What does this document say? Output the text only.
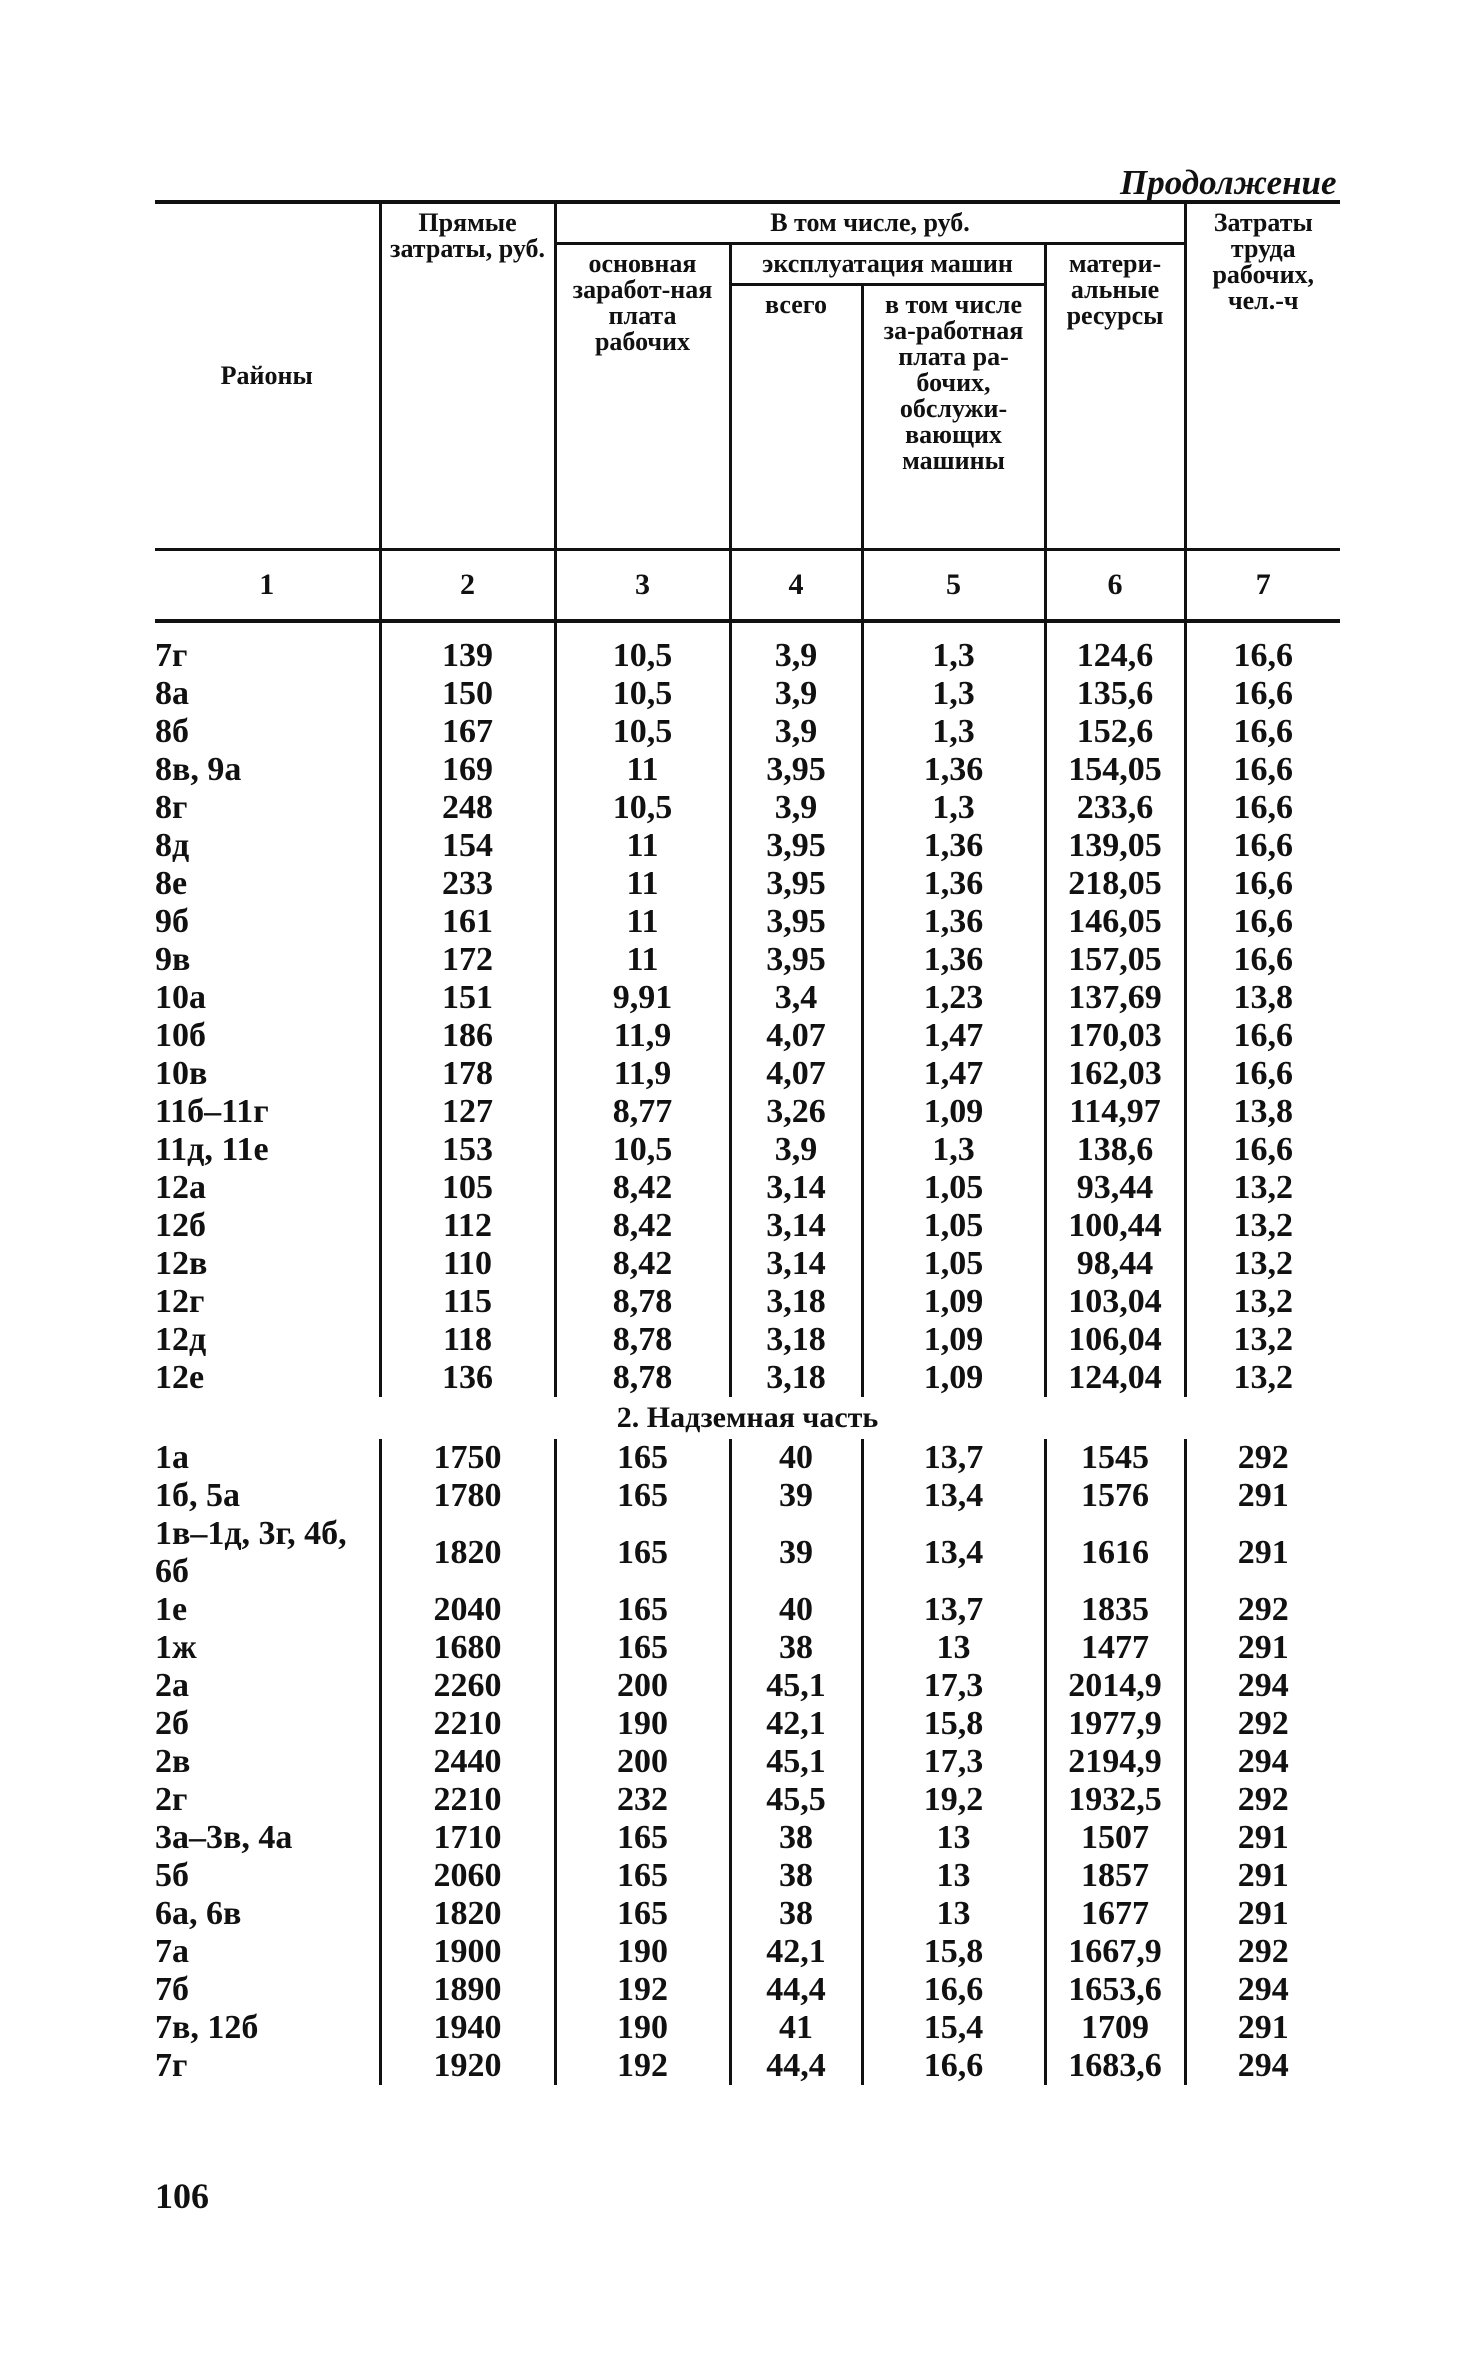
Продолжение
Районы	Прямые затраты, руб.	В том числе, руб.				Затраты труда рабочих, чел.-ч
		основная заработ-ная плата рабочих	эксплуатация машин		матери-альные ресурсы	
			всего	в том числе за-работная плата ра-бочих, обслужи-вающих машины		
1	2	3	4	5	6	7
7г	139	10,5	3,9	1,3	124,6	16,6
8а	150	10,5	3,9	1,3	135,6	16,6
8б	167	10,5	3,9	1,3	152,6	16,6
8в, 9а	169	11	3,95	1,36	154,05	16,6
8г	248	10,5	3,9	1,3	233,6	16,6
8д	154	11	3,95	1,36	139,05	16,6
8е	233	11	3,95	1,36	218,05	16,6
9б	161	11	3,95	1,36	146,05	16,6
9в	172	11	3,95	1,36	157,05	16,6
10а	151	9,91	3,4	1,23	137,69	13,8
10б	186	11,9	4,07	1,47	170,03	16,6
10в	178	11,9	4,07	1,47	162,03	16,6
11б–11г	127	8,77	3,26	1,09	114,97	13,8
11д, 11е	153	10,5	3,9	1,3	138,6	16,6
12а	105	8,42	3,14	1,05	93,44	13,2
12б	112	8,42	3,14	1,05	100,44	13,2
12в	110	8,42	3,14	1,05	98,44	13,2
12г	115	8,78	3,18	1,09	103,04	13,2
12д	118	8,78	3,18	1,09	106,04	13,2
12е	136	8,78	3,18	1,09	124,04	13,2
2. Надземная часть						
1а	1750	165	40	13,7	1545	292
1б, 5а	1780	165	39	13,4	1576	291
1в–1д, 3г, 4б, 6б	1820	165	39	13,4	1616	291
1е	2040	165	40	13,7	1835	292
1ж	1680	165	38	13	1477	291
2а	2260	200	45,1	17,3	2014,9	294
2б	2210	190	42,1	15,8	1977,9	292
2в	2440	200	45,1	17,3	2194,9	294
2г	2210	232	45,5	19,2	1932,5	292
3а–3в, 4а	1710	165	38	13	1507	291
5б	2060	165	38	13	1857	291
6а, 6в	1820	165	38	13	1677	291
7а	1900	190	42,1	15,8	1667,9	292
7б	1890	192	44,4	16,6	1653,6	294
7в, 12б	1940	190	41	15,4	1709	291
7г	1920	192	44,4	16,6	1683,6	294
106
